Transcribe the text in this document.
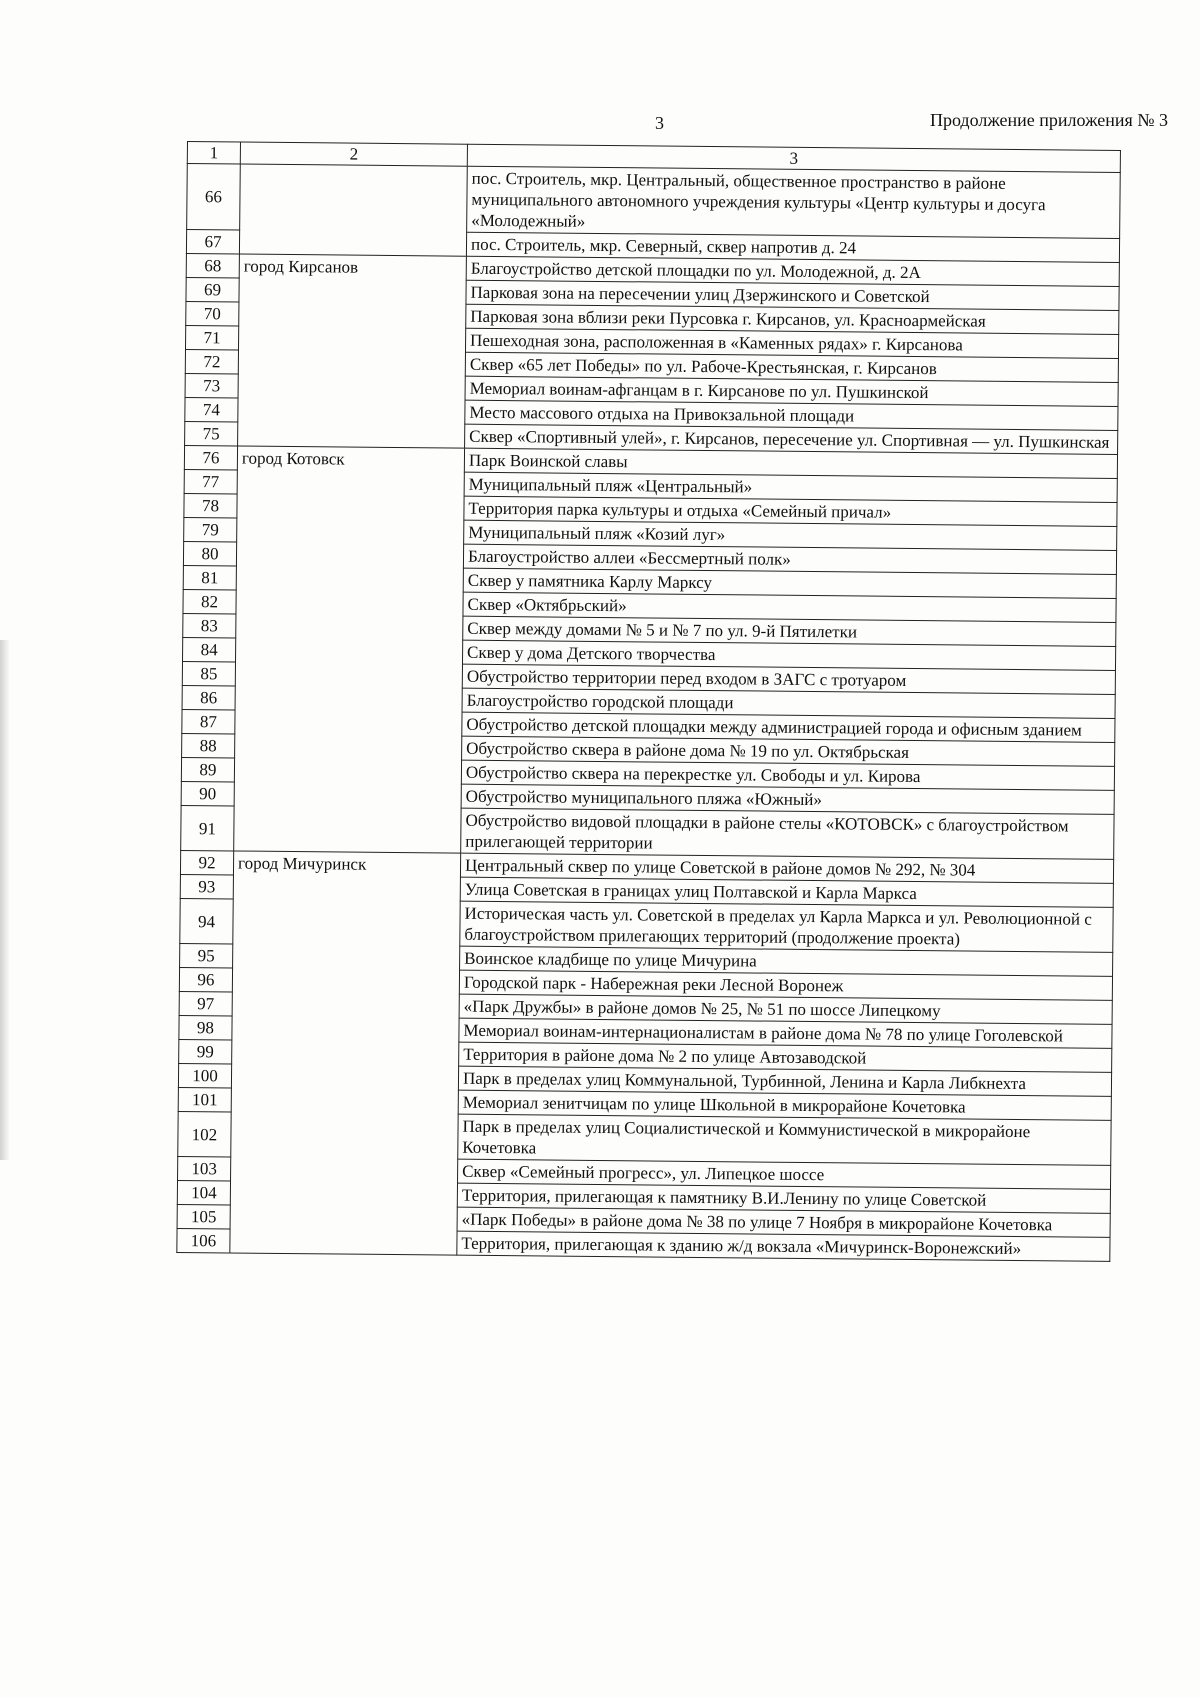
3	Продолжение приложения № 3
1	2	3
66		пос. Строитель, мкр. Центральный, общественное пространство в районе муниципального автономного учреждения культуры «Центр культуры и досуга «Молодежный»
67		пос. Строитель, мкр. Северный, сквер напротив д. 24
68	город Кирсанов	Благоустройство детской площадки по ул. Молодежной, д. 2А
69		Парковая зона на пересечении улиц Дзержинского и Советской
70		Парковая зона вблизи реки Пурсовка г. Кирсанов, ул. Красноармейская
71		Пешеходная зона, расположенная в «Каменных рядах» г. Кирсанова
72		Сквер «65 лет Победы» по ул. Рабоче-Крестьянская, г. Кирсанов
73		Мемориал воинам-афганцам в г. Кирсанове по ул. Пушкинской
74		Место массового отдыха на Привокзальной площади
75		Сквер «Спортивный улей», г. Кирсанов, пересечение ул. Спортивная — ул. Пушкинская
76	город Котовск	Парк Воинской славы
77		Муниципальный пляж «Центральный»
78		Территория парка культуры и отдыха «Семейный причал»
79		Муниципальный пляж «Козий луг»
80		Благоустройство аллеи «Бессмертный полк»
81		Сквер у памятника Карлу Марксу
82		Сквер «Октябрьский»
83		Сквер между домами № 5 и № 7 по ул. 9-й Пятилетки
84		Сквер у дома Детского творчества
85		Обустройство территории перед входом в ЗАГС с тротуаром
86		Благоустройство городской площади
87		Обустройство детской площадки между администрацией города и офисным зданием
88		Обустройство сквера в районе дома № 19 по ул. Октябрьская
89		Обустройство сквера на перекрестке ул. Свободы и ул. Кирова
90		Обустройство муниципального пляжа «Южный»
91		Обустройство видовой площадки в районе стелы «КОТОВСК» с благоустройством прилегающей территории
92	город Мичуринск	Центральный сквер по улице Советской в районе домов № 292, № 304
93		Улица Советская в границах улиц Полтавской и Карла Маркса
94		Историческая часть ул. Советской в пределах ул Карла Маркса и ул. Революционной с благоустройством прилегающих территорий (продолжение проекта)
95		Воинское кладбище по улице Мичурина
96		Городской парк - Набережная реки Лесной Воронеж
97		«Парк Дружбы» в районе домов № 25, № 51 по шоссе Липецкому
98		Мемориал воинам-интернационалистам в районе дома № 78 по улице Гоголевской
99		Территория в районе дома № 2 по улице Автозаводской
100		Парк в пределах улиц Коммунальной, Турбинной, Ленина и Карла Либкнехта
101		Мемориал зенитчицам по улице Школьной в микрорайоне Кочетовка
102		Парк в пределах улиц Социалистической и Коммунистической в микрорайоне Кочетовка
103		Сквер «Семейный прогресс», ул. Липецкое шоссе
104		Территория, прилегающая к памятнику В.И.Ленину по улице Советской
105		«Парк Победы» в районе дома № 38 по улице 7 Ноября в микрорайоне Кочетовка
106		Территория, прилегающая к зданию ж/д вокзала «Мичуринск-Воронежский»
